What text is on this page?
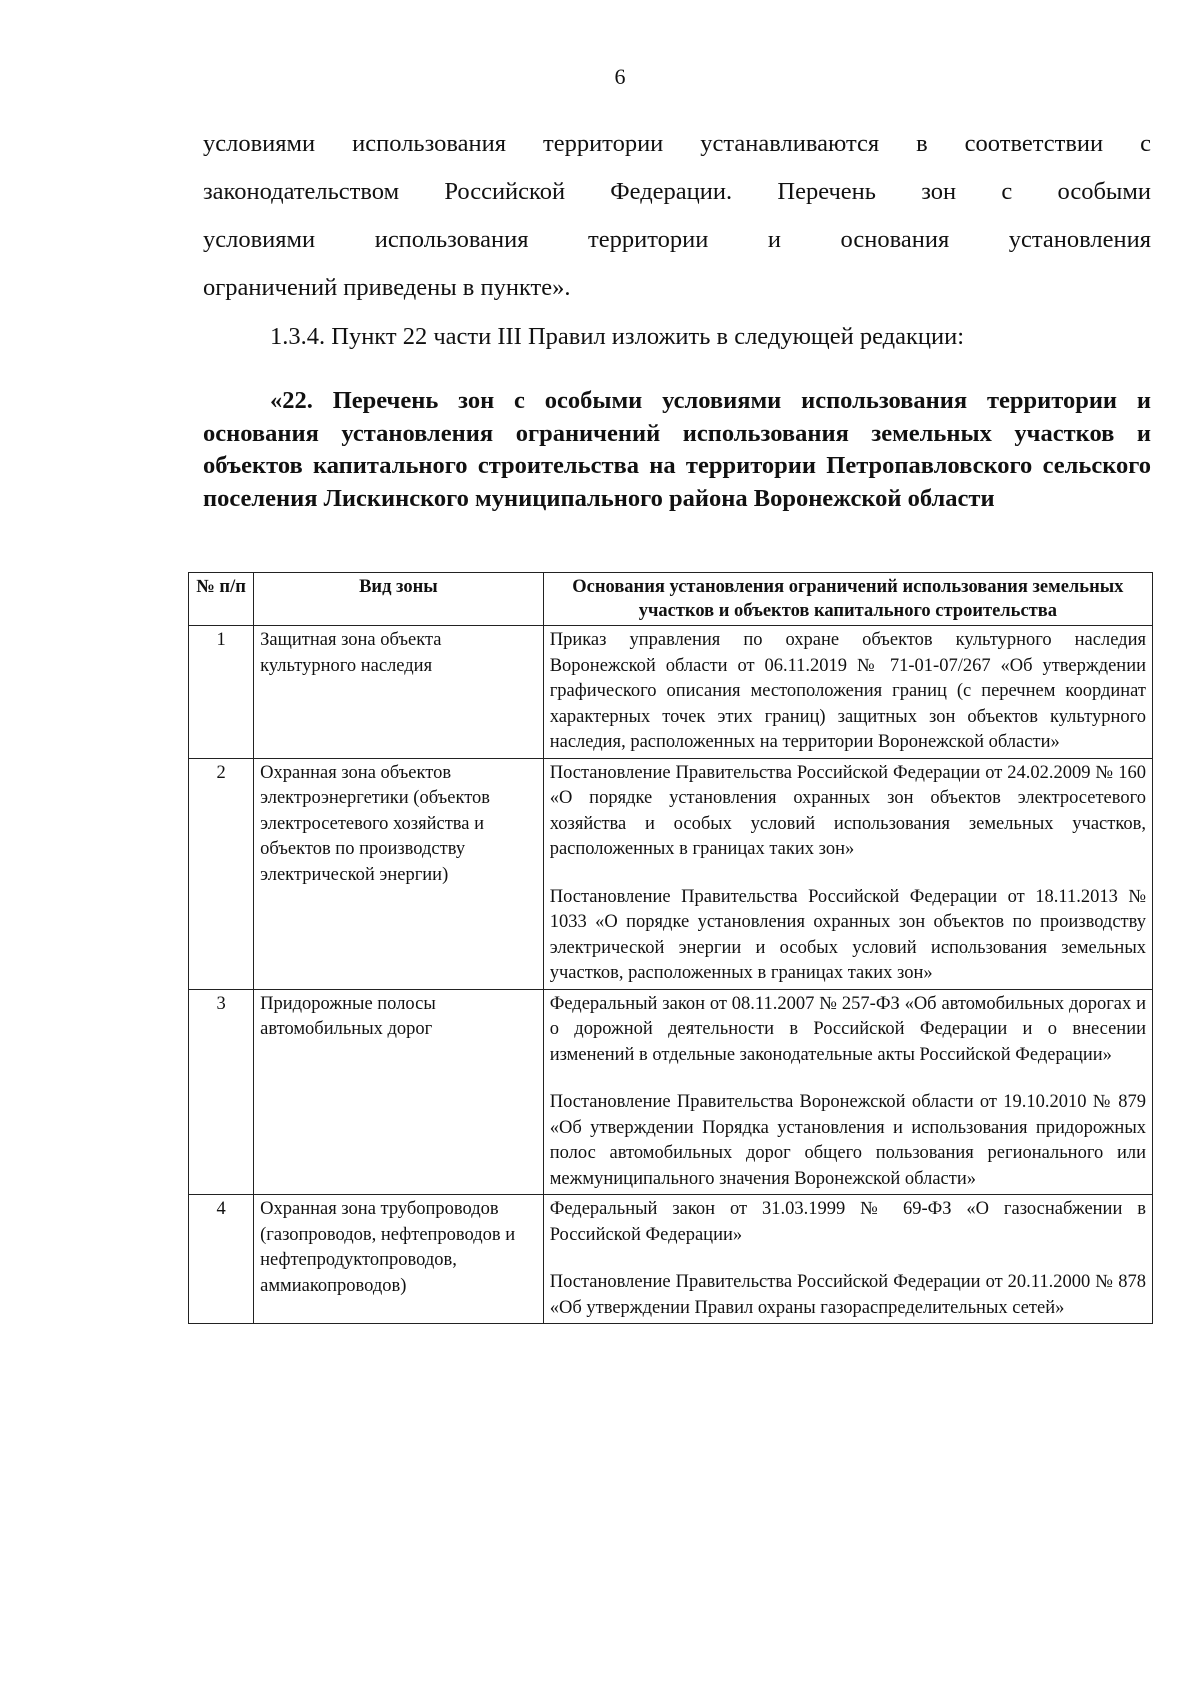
6
условиями использования территории устанавливаются в соответствии с
законодательством Российской Федерации. Перечень зон с особыми
условиями использования территории и основания установления
ограничений приведены в пункте».
1.3.4. Пункт 22 части III Правил изложить в следующей редакции:
«22. Перечень зон с особыми условиями использования территории и основания установления ограничений использования земельных участков и объектов капитального строительства на территории Петропавловского сельского поселения Лискинского муниципального района Воронежской области
№ п/п	Вид зоны	Основания установления ограничений использования земельных участков и объектов капитального строительства
1	Защитная зона объекта культурного наследия	Приказ управления по охране объектов культурного наследия Воронежской области от 06.11.2019 № 71-01-07/267 «Об утверждении графического описания местоположения границ (с перечнем координат характерных точек этих границ) защитных зон объектов культурного наследия, расположенных на территории Воронежской области»

2	Охранная зона объектов электроэнергетики (объектов электросетевого хозяйства и объектов по производству электрической энергии)	Постановление Правительства Российской Федерации от 24.02.2009 № 160 «О порядке установления охранных зон объектов электросетевого хозяйства и особых условий использования земельных участков, расположенных в границах таких зон»
Постановление Правительства Российской Федерации от 18.11.2013 № 1033 «О порядке установления охранных зон объектов по производству электрической энергии и особых условий использования земельных участков, расположенных в границах таких зон»

3	Придорожные полосы автомобильных дорог	Федеральный закон от 08.11.2007 № 257-ФЗ «Об автомобильных дорогах и о дорожной деятельности в Российской Федерации и о внесении изменений в отдельные законодательные акты Российской Федерации»
Постановление Правительства Воронежской области от 19.10.2010 № 879 «Об утверждении Порядка установления и использования придорожных полос автомобильных дорог общего пользования регионального или межмуниципального значения Воронежской области»

4	Охранная зона трубопроводов (газопроводов, нефтепроводов и нефтепродуктопроводов, аммиакопроводов)	Федеральный закон от 31.03.1999 № 69-ФЗ «О газоснабжении в Российской Федерации»
Постановление Правительства Российской Федерации от 20.11.2000 № 878 «Об утверждении Правил охраны газораспределительных сетей»
